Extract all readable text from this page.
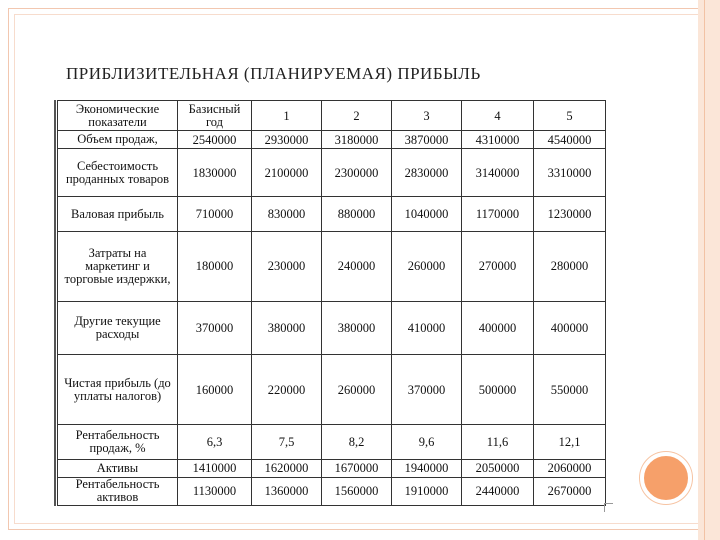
ПРИБЛИЗИТЕЛЬНАЯ (ПЛАНИРУЕМАЯ) ПРИБЫЛЬ
Экономические показатели	Базисный год	1	2	3	4	5
Объем продаж,	2540000	2930000	3180000	3870000	4310000	4540000
Себестоимость проданных товаров	1830000	2100000	2300000	2830000	3140000	3310000
Валовая прибыль	710000	830000	880000	1040000	1170000	1230000
Затраты на маркетинг и торговые издержки,	180000	230000	240000	260000	270000	280000
Другие текущие расходы	370000	380000	380000	410000	400000	400000
Чистая прибыль (до уплаты налогов)	160000	220000	260000	370000	500000	550000
Рентабельность продаж, %	6,3	7,5	8,2	9,6	11,6	12,1
Активы	1410000	1620000	1670000	1940000	2050000	2060000
Рентабельность активов	1130000	1360000	1560000	1910000	2440000	2670000
